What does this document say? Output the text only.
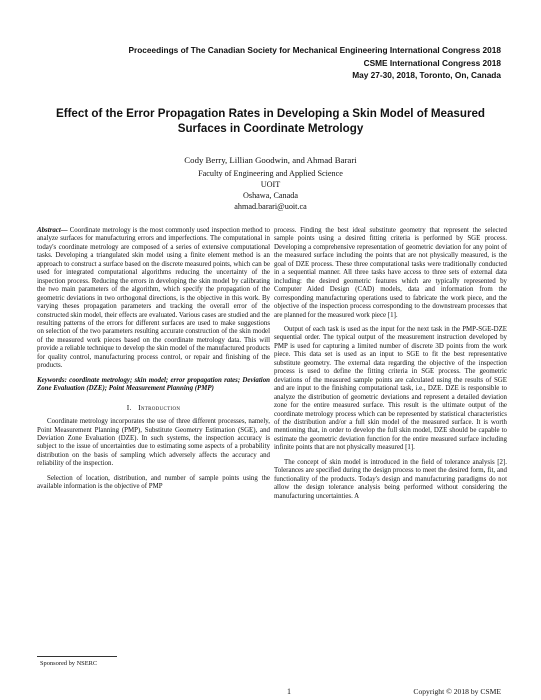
Proceedings of The Canadian Society for Mechanical Engineering International Congress 2018
CSME International Congress 2018
May 27-30, 2018, Toronto, On, Canada
Effect of the Error Propagation Rates in Developing a Skin Model of Measured Surfaces in Coordinate Metrology
Cody Berry, Lillian Goodwin, and Ahmad Barari
Faculty of Engineering and Applied Science
UOIT
Oshawa, Canada
ahmad.barari@uoit.ca

Abstract— Coordinate metrology is the most commonly used inspection method to analyze surfaces for manufacturing errors and imperfections. The computational in today's coordinate metrology are composed of a series of extensive computational tasks. Developing a triangulated skin model using a finite element method is an approach to construct a surface based on the discrete measured points, which can be used for integrated computational algorithms reducing the uncertainty of the inspection process. Reducing the errors in developing the skin model by calibrating the two main parameters of the algorithm, which specify the propagation of the geometric deviations in two orthogonal directions, is the objective in this work. By varying theses propagation parameters and tracking the overall error of the constructed skin model, their effects are evaluated. Various cases are studied and the resulting patterns of the errors for different surfaces are used to make suggestions on selection of the two parameters resulting accurate construction of the skin model of the measured work pieces based on the coordinate metrology data. This will provide a reliable technique to develop the skin model of the manufactured products for quality control, manufacturing process control, or repair and finishing of the products.

Keywords: coordinate metrology; skin model; error propagation rates; Deviation Zone Evaluation (DZE); Point Measurement Planning (PMP)

I. Introduction

Coordinate metrology incorporates the use of three different processes, namely, Point Measurement Planning (PMP), Substitute Geometry Estimation (SGE), and Deviation Zone Evaluation (DZE). In such systems, the inspection accuracy is subject to the issue of uncertainties due to estimating some aspects of a probability distribution on the basis of sampling which adversely affects the accuracy and reliability of the inspection.

Selection of location, distribution, and number of sample points using the available information is the objective of PMP

process. Finding the best ideal substitute geometry that represent the selected sample points using a desired fitting criteria is performed by SGE process. Developing a comprehensive representation of geometric deviation for any point of the measured surface including the points that are not physically measured, is the goal of DZE process. These three computational tasks were traditionally conducted in a sequential manner. All three tasks have access to three sets of external data including: the desired geometric features which are typically represented by Computer Aided Design (CAD) models, data and information from the corresponding manufacturing operations used to fabricate the work piece, and the objective of the inspection process corresponding to the downstream processes that are planned for the measured work piece [1].

Output of each task is used as the input for the next task in the PMP-SGE-DZE sequential order. The typical output of the measurement instruction developed by PMP is used for capturing a limited number of discrete 3D points from the work piece. This data set is used as an input to SGE to fit the best representative substitute geometry. The external data regarding the objective of the inspection process is used to define the fitting criteria in SGE process. The geometric deviations of the measured sample points are calculated using the results of SGE and are input to the finishing computational task, i.e., DZE. DZE is responsible to analyze the distribution of geometric deviations and represent a detailed deviation zone for the entire measured surface. This result is the ultimate output of the coordinate metrology process which can be represented by statistical characteristics of the distribution and/or a full skin model of the measured surface. It is worth mentioning that, in order to develop the full skin model, DZE should be capable to estimate the geometric deviation function for the entire measured surface including infinite points that are not physically measured [1].

The concept of skin model is introduced in the field of tolerance analysis [2]. Tolerances are specified during the design process to meet the desired form, fit, and functionality of the products. Today's design and manufacturing paradigms do not allow the design tolerance analysis being performed without considering the manufacturing uncertainties. A

Sponsored by NSERC
1	Copyright © 2018 by CSME
